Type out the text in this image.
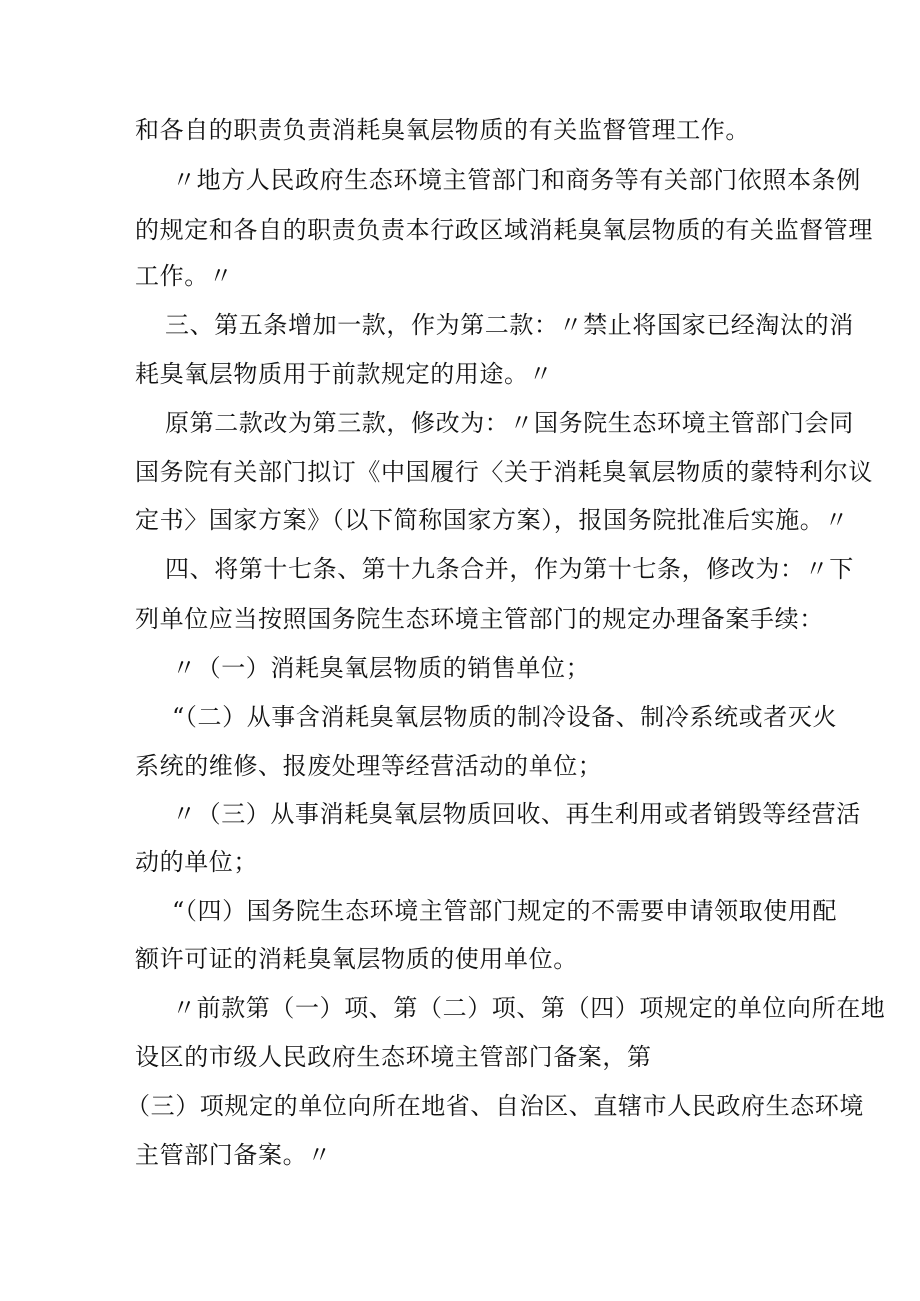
和各自的职责负责消耗臭氧层物质的有关监督管理工作。
〃地方人民政府生态环境主管部门和商务等有关部门依照本条例
的规定和各自的职责负责本行政区域消耗臭氧层物质的有关监督管理
工作。〃
三、第五条增加一款，作为第二款：〃禁止将国家已经淘汰的消
耗臭氧层物质用于前款规定的用途。〃
原第二款改为第三款，修改为：〃国务院生态环境主管部门会同
国务院有关部门拟订《中国履行〈关于消耗臭氧层物质的蒙特利尔议
定书〉国家方案》（以下简称国家方案），报国务院批准后实施。〃
四、将第十七条、第十九条合并，作为第十七条，修改为：〃下
列单位应当按照国务院生态环境主管部门的规定办理备案手续：
〃（一）消耗臭氧层物质的销售单位；
“（二）从事含消耗臭氧层物质的制冷设备、制冷系统或者灭火
系统的维修、报废处理等经营活动的单位；
〃（三）从事消耗臭氧层物质回收、再生利用或者销毁等经营活
动的单位；
“（四）国务院生态环境主管部门规定的不需要申请领取使用配
额许可证的消耗臭氧层物质的使用单位。
〃前款第（一）项、第（二）项、第（四）项规定的单位向所在地
设区的市级人民政府生态环境主管部门备案，第
（三）项规定的单位向所在地省、自治区、直辖市人民政府生态环境
主管部门备案。〃
